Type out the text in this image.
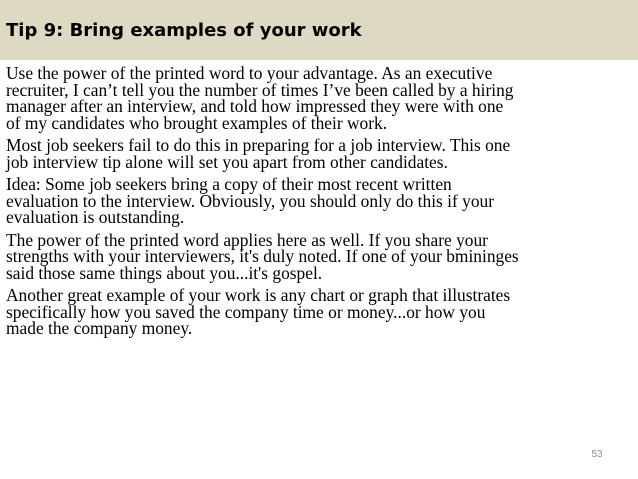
Tip 9: Bring examples of your work

Use the power of the printed word to your advantage. As an executive
recruiter, I can’t tell you the number of times I’ve been called by a hiring
manager after an interview, and told how impressed they were with one
of my candidates who brought examples of their work.

Most job seekers fail to do this in preparing for a job interview. This one
job interview tip alone will set you apart from other candidates.

Idea: Some job seekers bring a copy of their most recent written
evaluation to the interview. Obviously, you should only do this if your
evaluation is outstanding.

The power of the printed word applies here as well. If you share your
strengths with your interviewers, it's duly noted. If one of your bmininges
said those same things about you...it's gospel.

Another great example of your work is any chart or graph that illustrates
specifically how you saved the company time or money...or how you
made the company money.

53
